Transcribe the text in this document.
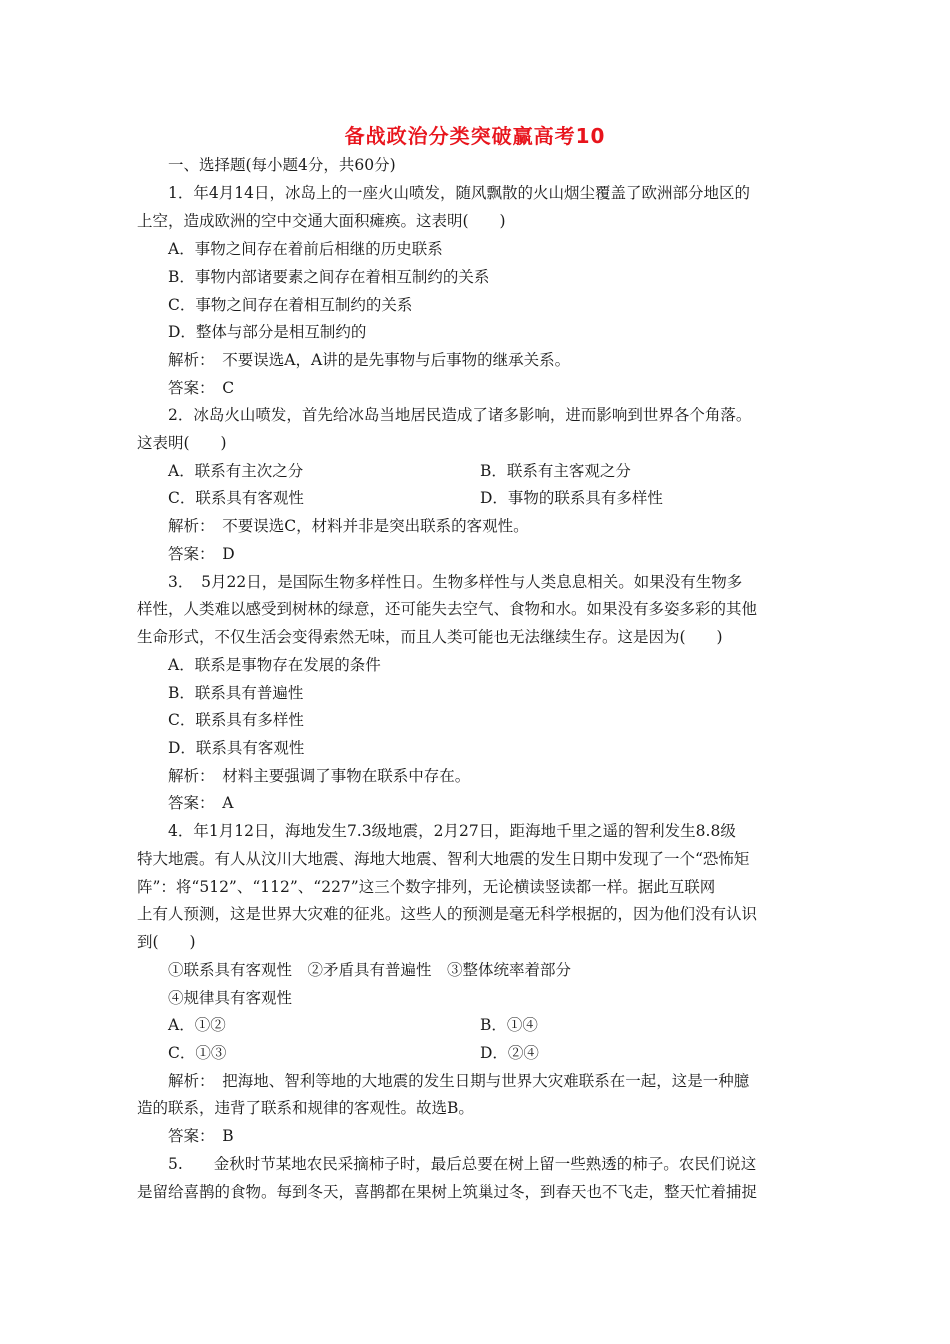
备战政治分类突破赢高考10
一、选择题(每小题4分，共60分)
1．年4月14日，冰岛上的一座火山喷发，随风飘散的火山烟尘覆盖了欧洲部分地区的
上空，造成欧洲的空中交通大面积瘫痪。这表明(　　)
A．事物之间存在着前后相继的历史联系
B．事物内部诸要素之间存在着相互制约的关系
C．事物之间存在着相互制约的关系
D．整体与部分是相互制约的
解析：　不要误选A，A讲的是先事物与后事物的继承关系。
答案：　C
2．冰岛火山喷发，首先给冰岛当地居民造成了诸多影响，进而影响到世界各个角落。
这表明(　　)
A．联系有主次之分	B．联系有主客观之分
C．联系具有客观性	D．事物的联系具有多样性
解析：　不要误选C，材料并非是突出联系的客观性。
答案：　D
3．　5月22日，是国际生物多样性日。生物多样性与人类息息相关。如果没有生物多
样性，人类难以感受到树林的绿意，还可能失去空气、食物和水。如果没有多姿多彩的其他
生命形式，不仅生活会变得索然无味，而且人类可能也无法继续生存。这是因为(　　)
A．联系是事物存在发展的条件
B．联系具有普遍性
C．联系具有多样性
D．联系具有客观性
解析：　材料主要强调了事物在联系中存在。
答案：　A
4．年1月12日，海地发生7.3级地震，2月27日，距海地千里之遥的智利发生8.8级
特大地震。有人从汶川大地震、海地大地震、智利大地震的发生日期中发现了一个“恐怖矩
阵”：将“512”、“112”、“227”这三个数字排列，无论横读竖读都一样。据此互联网
上有人预测，这是世界大灾难的征兆。这些人的预测是毫无科学根据的，因为他们没有认识
到(　　)
①联系具有客观性　②矛盾具有普遍性　③整体统率着部分
④规律具有客观性
A．①②	B．①④
C．①③	D．②④
解析：　把海地、智利等地的大地震的发生日期与世界大灾难联系在一起，这是一种臆
造的联系，违背了联系和规律的客观性。故选B。
答案：　B
5.　　金秋时节某地农民采摘柿子时，最后总要在树上留一些熟透的柿子。农民们说这
是留给喜鹊的食物。每到冬天，喜鹊都在果树上筑巢过冬，到春天也不飞走，整天忙着捕捉
